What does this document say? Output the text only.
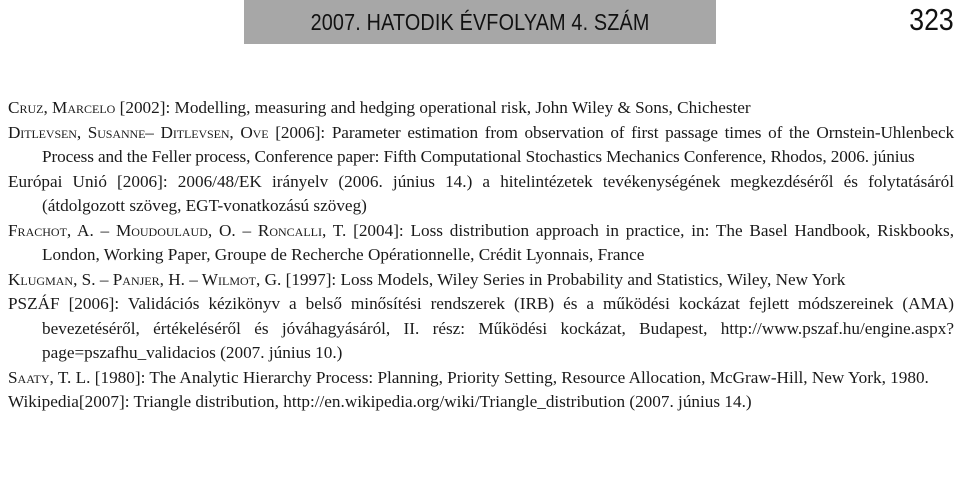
2007. HATODIK ÉVFOLYAM 4. SZÁM	323

Cruz, Marcelo [2002]: Modelling, measuring and hedging operational risk, John Wiley & Sons, Chichester

Ditlevsen, Susanne– Ditlevsen, Ove [2006]: Parameter estimation from observation of first passage times of the Ornstein-Uhlenbeck Process and the Feller process, Conference paper: Fifth Computational Stochastics Mechanics Conference, Rhodos, 2006. június

Európai Unió [2006]: 2006/48/EK irányelv (2006. június 14.) a hitelintézetek tevékenységének megkezdéséről és folytatásáról (átdolgozott szöveg, EGT-vonatkozású szöveg)

Frachot, A. – Moudoulaud, O. – Roncalli, T. [2004]: Loss distribution approach in practice, in: The Basel Handbook, Riskbooks, London, Working Paper, Groupe de Recherche Opérationnelle, Crédit Lyonnais, France

Klugman, S. – Panjer, H. – Wilmot, G. [1997]: Loss Models, Wiley Series in Probability and Statistics, Wiley, New York

PSZÁF [2006]: Validációs kézikönyv a belső minősítési rendszerek (IRB) és a működési kockázat fejlett módszereinek (AMA) bevezetéséről, értékeléséről és jóváhagyásáról, II. rész: Működési kockázat, Budapest, http://www.pszaf.hu/engine.aspx?page=pszafhu_validacios (2007. június 10.)

Saaty, T. L. [1980]: The Analytic Hierarchy Process: Planning, Priority Setting, Resource Allocation, McGraw-Hill, New York, 1980.

Wikipedia[2007]: Triangle distribution, http://en.wikipedia.org/wiki/Triangle_distribution (2007. június 14.)
